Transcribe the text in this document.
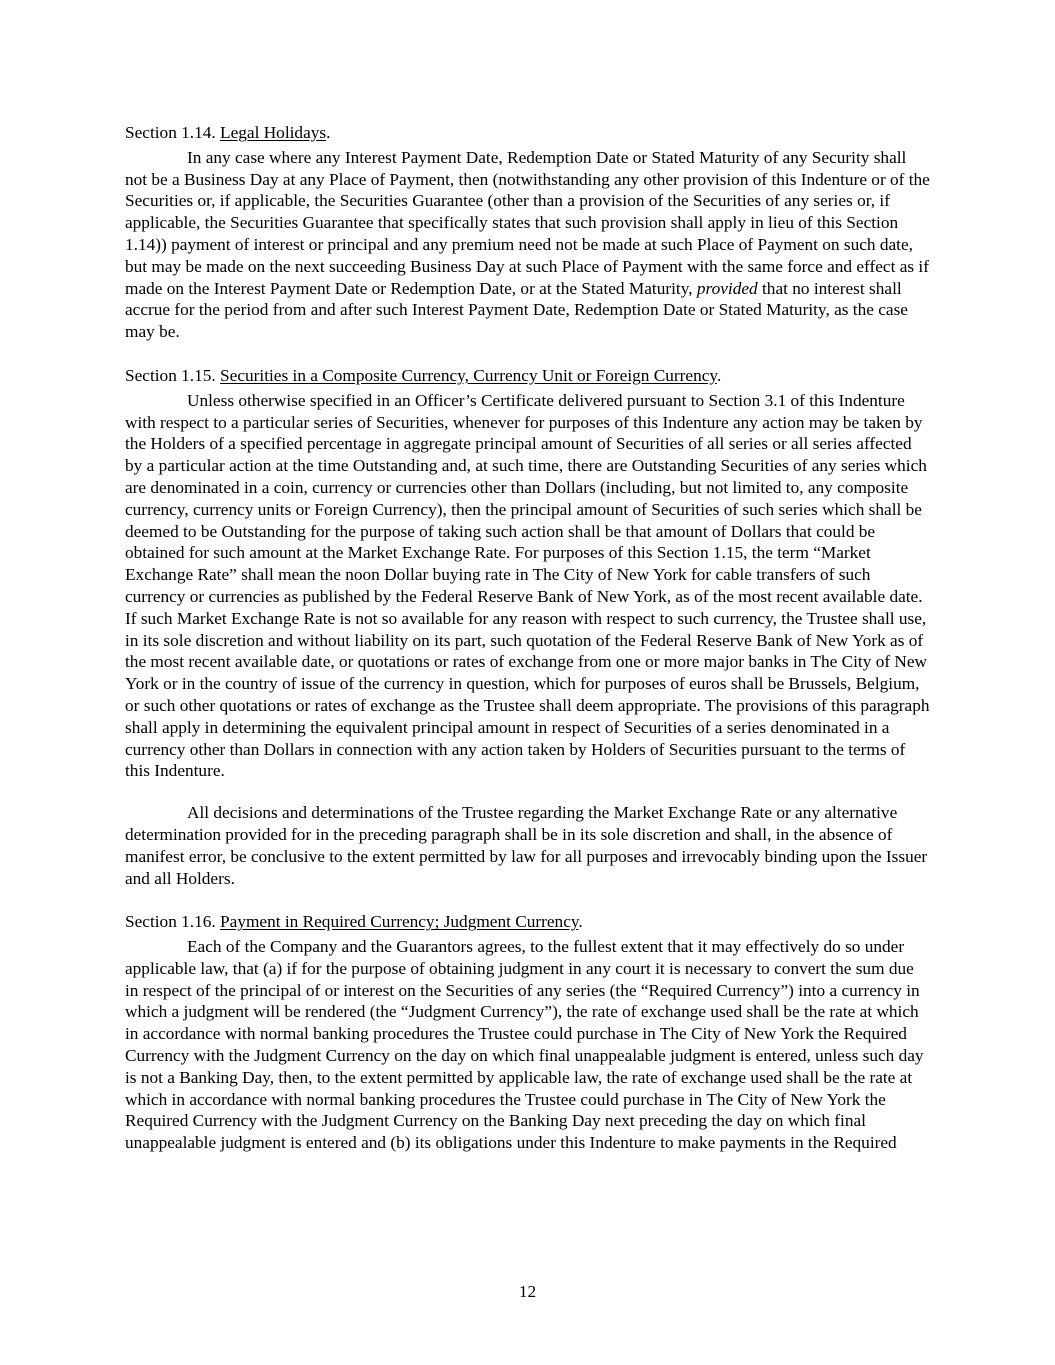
Section 1.14. Legal Holidays.

In any case where any Interest Payment Date, Redemption Date or Stated Maturity of any Security shall not be a Business Day at any Place of Payment, then (notwithstanding any other provision of this Indenture or of the Securities or, if applicable, the Securities Guarantee (other than a provision of the Securities of any series or, if applicable, the Securities Guarantee that specifically states that such provision shall apply in lieu of this Section 1.14)) payment of interest or principal and any premium need not be made at such Place of Payment on such date, but may be made on the next succeeding Business Day at such Place of Payment with the same force and effect as if made on the Interest Payment Date or Redemption Date, or at the Stated Maturity, provided that no interest shall accrue for the period from and after such Interest Payment Date, Redemption Date or Stated Maturity, as the case may be.

Section 1.15. Securities in a Composite Currency, Currency Unit or Foreign Currency.

Unless otherwise specified in an Officer’s Certificate delivered pursuant to Section 3.1 of this Indenture with respect to a particular series of Securities, whenever for purposes of this Indenture any action may be taken by the Holders of a specified percentage in aggregate principal amount of Securities of all series or all series affected by a particular action at the time Outstanding and, at such time, there are Outstanding Securities of any series which are denominated in a coin, currency or currencies other than Dollars (including, but not limited to, any composite currency, currency units or Foreign Currency), then the principal amount of Securities of such series which shall be deemed to be Outstanding for the purpose of taking such action shall be that amount of Dollars that could be obtained for such amount at the Market Exchange Rate. For purposes of this Section 1.15, the term “Market Exchange Rate” shall mean the noon Dollar buying rate in The City of New York for cable transfers of such currency or currencies as published by the Federal Reserve Bank of New York, as of the most recent available date. If such Market Exchange Rate is not so available for any reason with respect to such currency, the Trustee shall use, in its sole discretion and without liability on its part, such quotation of the Federal Reserve Bank of New York as of the most recent available date, or quotations or rates of exchange from one or more major banks in The City of New York or in the country of issue of the currency in question, which for purposes of euros shall be Brussels, Belgium, or such other quotations or rates of exchange as the Trustee shall deem appropriate. The provisions of this paragraph shall apply in determining the equivalent principal amount in respect of Securities of a series denominated in a currency other than Dollars in connection with any action taken by Holders of Securities pursuant to the terms of this Indenture.

All decisions and determinations of the Trustee regarding the Market Exchange Rate or any alternative determination provided for in the preceding paragraph shall be in its sole discretion and shall, in the absence of manifest error, be conclusive to the extent permitted by law for all purposes and irrevocably binding upon the Issuer and all Holders.

Section 1.16. Payment in Required Currency; Judgment Currency.

Each of the Company and the Guarantors agrees, to the fullest extent that it may effectively do so under applicable law, that (a) if for the purpose of obtaining judgment in any court it is necessary to convert the sum due in respect of the principal of or interest on the Securities of any series (the “Required Currency”) into a currency in which a judgment will be rendered (the “Judgment Currency”), the rate of exchange used shall be the rate at which in accordance with normal banking procedures the Trustee could purchase in The City of New York the Required Currency with the Judgment Currency on the day on which final unappealable judgment is entered, unless such day is not a Banking Day, then, to the extent permitted by applicable law, the rate of exchange used shall be the rate at which in accordance with normal banking procedures the Trustee could purchase in The City of New York the Required Currency with the Judgment Currency on the Banking Day next preceding the day on which final unappealable judgment is entered and (b) its obligations under this Indenture to make payments in the Required

12
